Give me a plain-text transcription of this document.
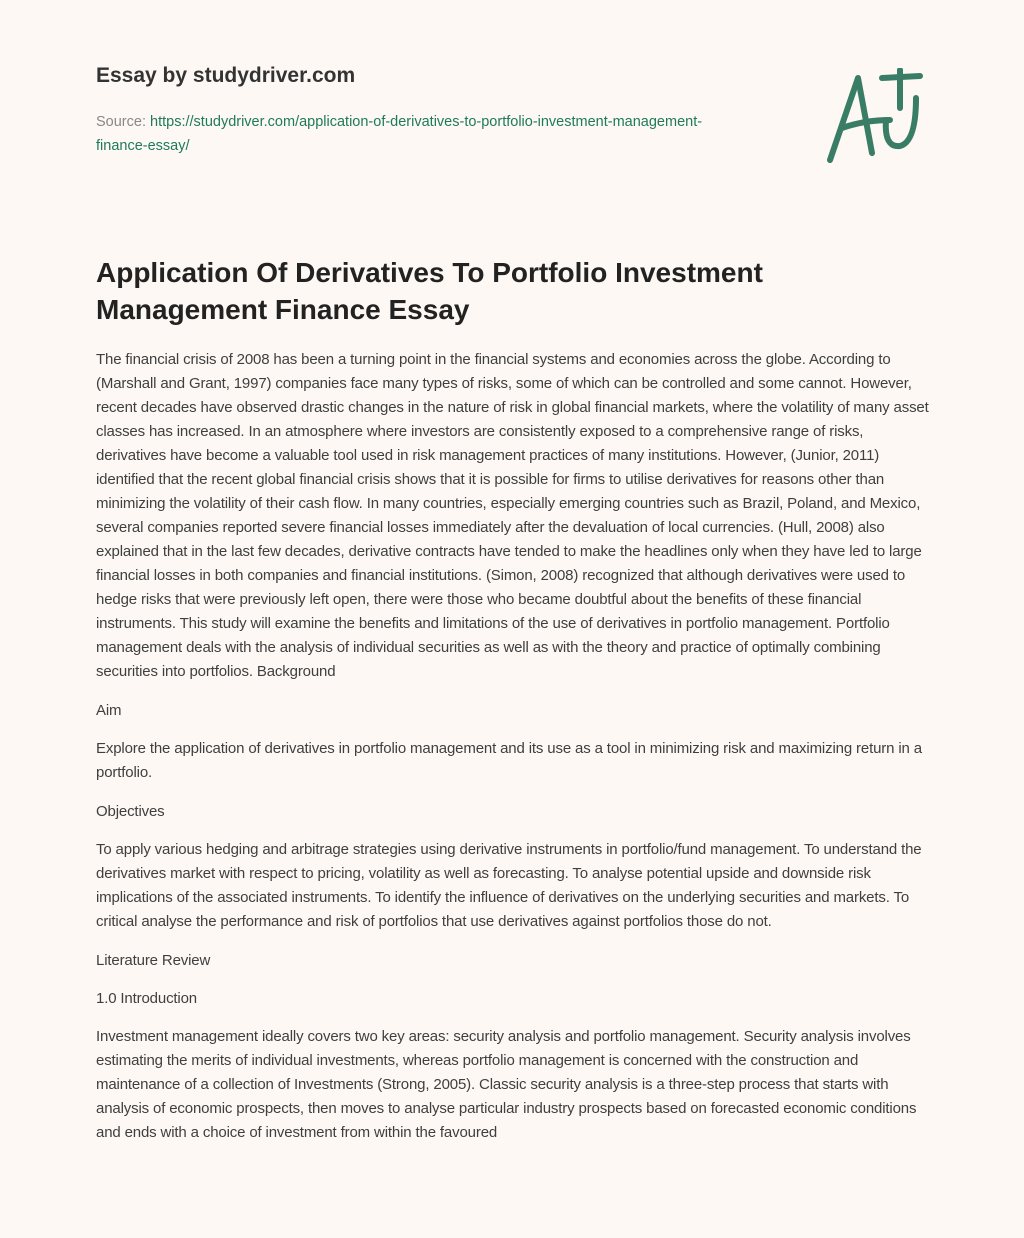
Essay by studydriver.com
Source: https://studydriver.com/application-of-derivatives-to-portfolio-investment-management-finance-essay/
Application Of Derivatives To Portfolio Investment Management Finance Essay

The financial crisis of 2008 has been a turning point in the financial systems and economies across the globe. According to (Marshall and Grant, 1997) companies face many types of risks, some of which can be controlled and some cannot. However, recent decades have observed drastic changes in the nature of risk in global financial markets, where the volatility of many asset classes has increased. In an atmosphere where investors are consistently exposed to a comprehensive range of risks, derivatives have become a valuable tool used in risk management practices of many institutions. However, (Junior, 2011) identified that the recent global financial crisis shows that it is possible for firms to utilise derivatives for reasons other than minimizing the volatility of their cash flow. In many countries, especially emerging countries such as Brazil, Poland, and Mexico, several companies reported severe financial losses immediately after the devaluation of local currencies. (Hull, 2008) also explained that in the last few decades, derivative contracts have tended to make the headlines only when they have led to large financial losses in both companies and financial institutions. (Simon, 2008) recognized that although derivatives were used to hedge risks that were previously left open, there were those who became doubtful about the benefits of these financial instruments. This study will examine the benefits and limitations of the use of derivatives in portfolio management. Portfolio management deals with the analysis of individual securities as well as with the theory and practice of optimally combining securities into portfolios. Background

Aim

Explore the application of derivatives in portfolio management and its use as a tool in minimizing risk and maximizing return in a portfolio.

Objectives

To apply various hedging and arbitrage strategies using derivative instruments in portfolio/fund management. To understand the derivatives market with respect to pricing, volatility as well as forecasting. To analyse potential upside and downside risk implications of the associated instruments. To identify the influence of derivatives on the underlying securities and markets. To critical analyse the performance and risk of portfolios that use derivatives against portfolios those do not.

Literature Review

1.0 Introduction

Investment management ideally covers two key areas: security analysis and portfolio management. Security analysis involves estimating the merits of individual investments, whereas portfolio management is concerned with the construction and maintenance of a collection of Investments (Strong, 2005). Classic security analysis is a three-step process that starts with analysis of economic prospects, then moves to analyse particular industry prospects based on forecasted economic conditions and ends with a choice of investment from within the favoured
